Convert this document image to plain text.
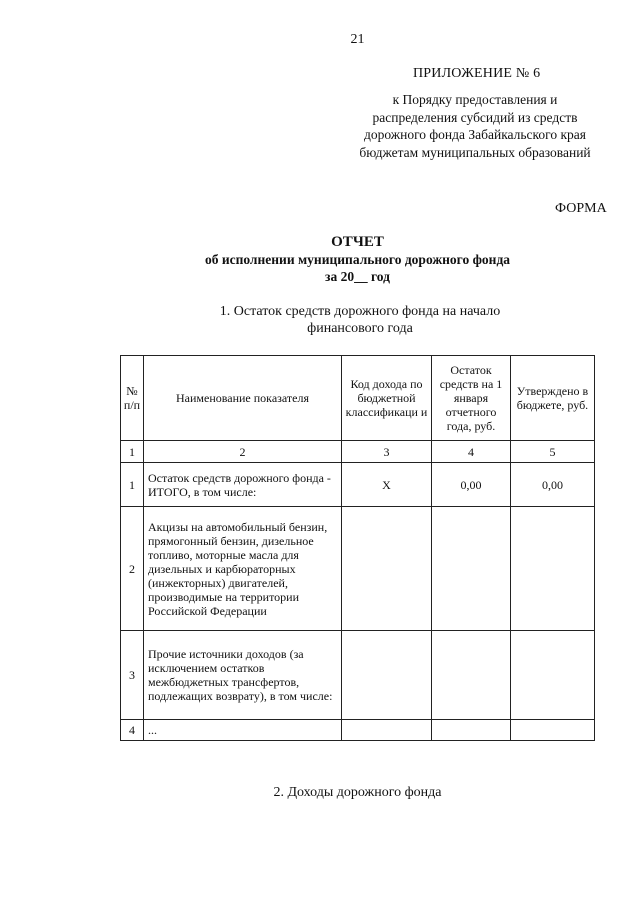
21
ПРИЛОЖЕНИЕ № 6
к Порядку предоставления и
распределения субсидий из средств
дорожного фонда Забайкальского края
бюджетам муниципальных образований
ФОРМА
ОТЧЕТ
об исполнении муниципального дорожного фонда
за 20__ год
1. Остаток средств дорожного фонда на начало
финансового года
№ п/п	Наименование показателя	Код дохода по бюджетной классификаци и	Остаток средств на 1 января отчетного года, руб.	Утверждено в бюджете, руб.
1	2	3	4	5
1	Остаток средств дорожного фонда - ИТОГО, в том числе:	Х	0,00	0,00
2	Акцизы на автомобильный бензин, прямогонный бензин, дизельное топливо, моторные масла для дизельных и карбюраторных (инжекторных) двигателей, производимые на территории Российской Федерации			
3	Прочие источники доходов (за исключением остатков межбюджетных трансфертов, подлежащих возврату), в том числе:			
4	...			
2. Доходы дорожного фонда
